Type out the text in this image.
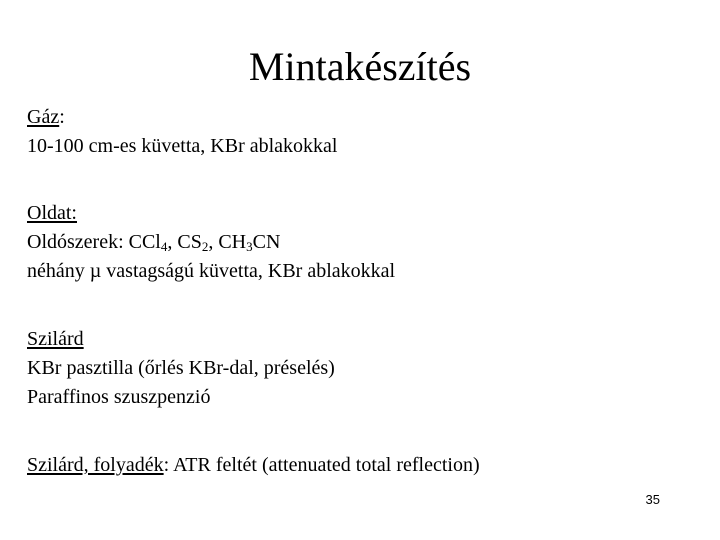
Mintakészítés
Gáz:
10-100 cm-es küvetta, KBr ablakokkal
Oldat:
Oldószerek: CCl$_4$, $CS_2$, $CH_3CN$
néhány µ vastagságú küvetta, KBr ablakokkal
Szilárd
KBr pasztilla (őrlés KBr-dal, préselés)
Paraffinos szuszpenzió
Szilárd, folyadék: ATR feltét (attenuated total reflection)
35
